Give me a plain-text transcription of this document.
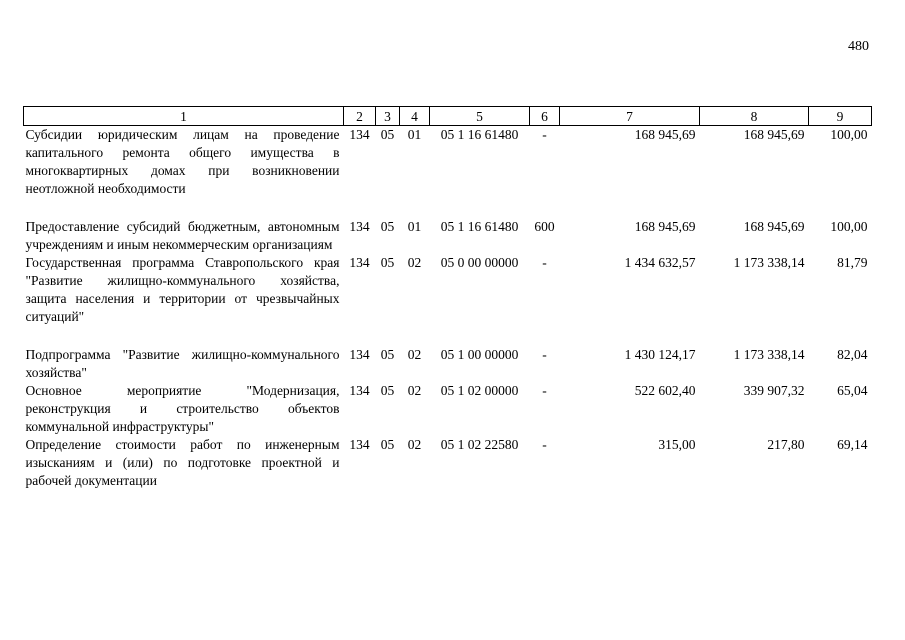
480
1	2	3	4	5	6	7	8	9
Субсидии юридическим лицам на проведение капитального ремонта общего имущества в многоквартирных домах при возникновении неотложной необходимости	134	05	01	05 1 16 61480	-	168 945,69	168 945,69	100,00
Предоставление субсидий бюджетным, автономным учреждениям и иным некоммерческим организациям	134	05	01	05 1 16 61480	600	168 945,69	168 945,69	100,00
Государственная программа Ставропольского края "Развитие жилищно-коммунального хозяйства, защита населения и территории от чрезвычайных ситуаций"	134	05	02	05 0 00 00000	-	1 434 632,57	1 173 338,14	81,79
Подпрограмма "Развитие жилищно-коммунального хозяйства"	134	05	02	05 1 00 00000	-	1 430 124,17	1 173 338,14	82,04
Основное мероприятие "Модернизация, реконструкция и строительство объектов коммунальной инфраструктуры"	134	05	02	05 1 02 00000	-	522 602,40	339 907,32	65,04
Определение стоимости работ по инженерным изысканиям и (или) по подготовке проектной и рабочей документации	134	05	02	05 1 02 22580	-	315,00	217,80	69,14
